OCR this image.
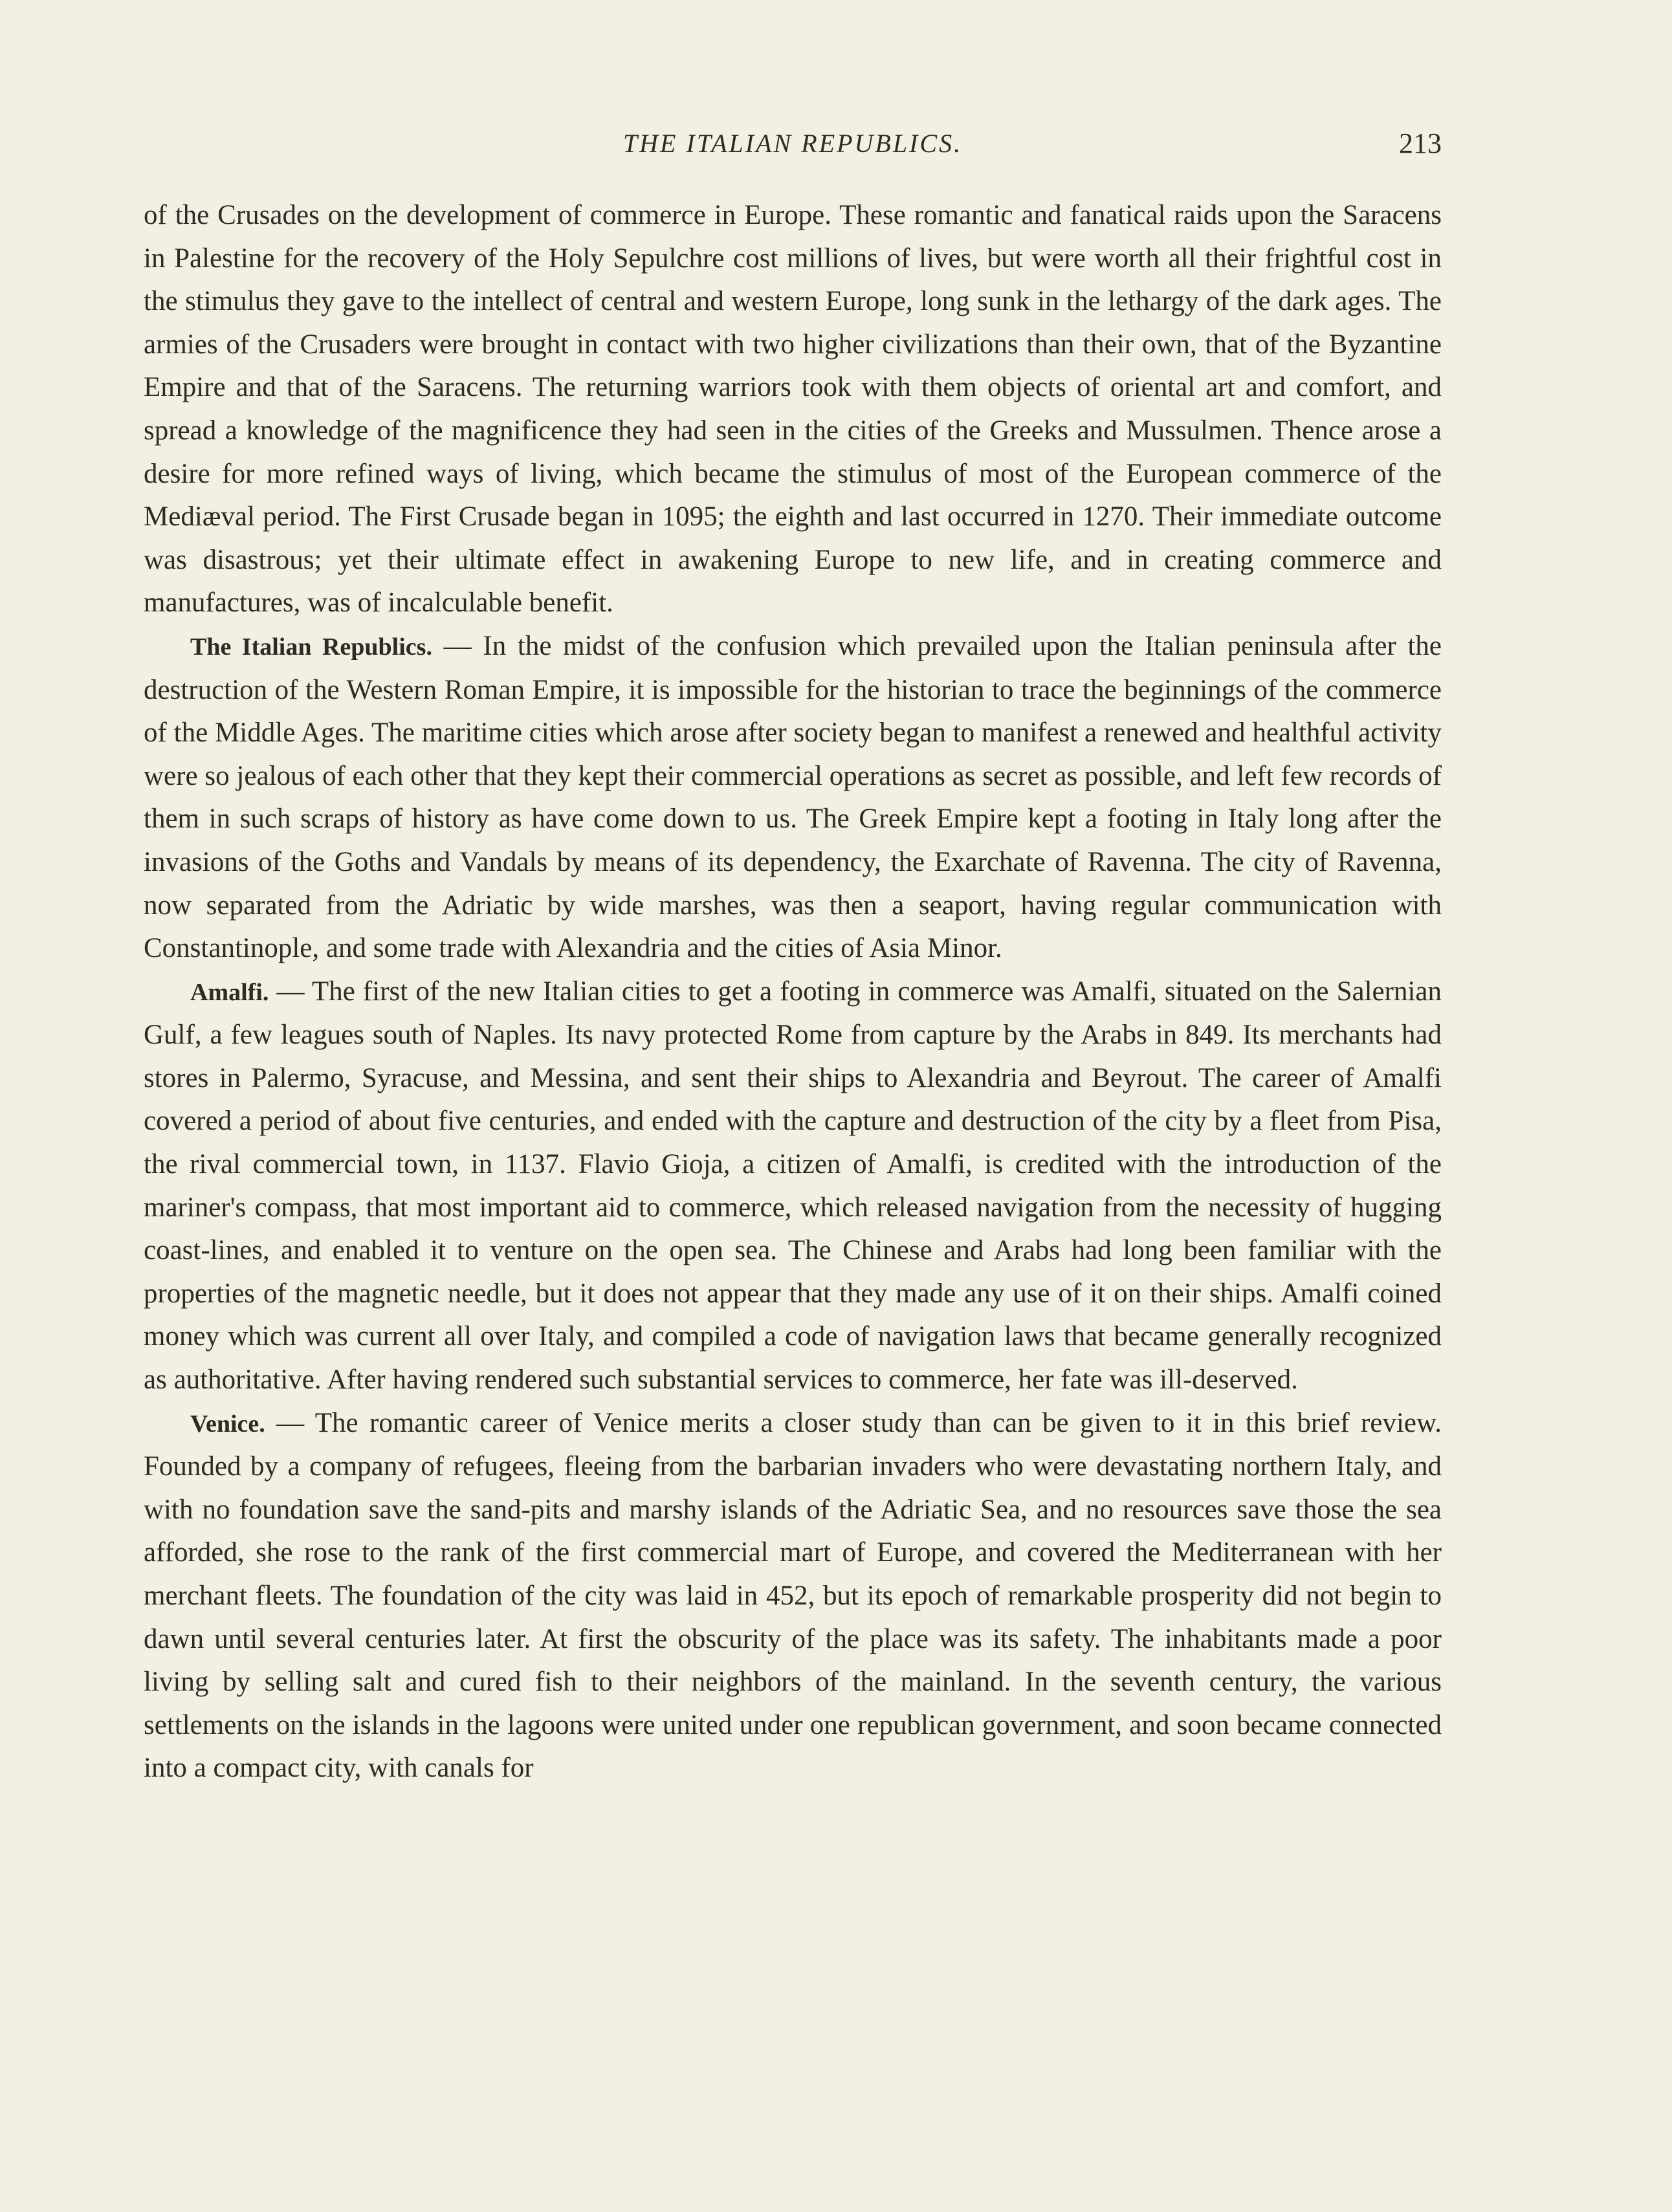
THE ITALIAN REPUBLICS.	213

of the Crusades on the development of commerce in Europe. These romantic and fanatical raids upon the Saracens in Palestine for the recovery of the Holy Sepulchre cost millions of lives, but were worth all their frightful cost in the stimulus they gave to the intellect of central and western Europe, long sunk in the lethargy of the dark ages. The armies of the Crusaders were brought in contact with two higher civilizations than their own, that of the Byzantine Empire and that of the Saracens. The returning warriors took with them objects of oriental art and comfort, and spread a knowledge of the magnificence they had seen in the cities of the Greeks and Mussulmen. Thence arose a desire for more refined ways of living, which became the stimulus of most of the European commerce of the Mediæval period. The First Crusade began in 1095; the eighth and last occurred in 1270. Their immediate outcome was disastrous; yet their ultimate effect in awakening Europe to new life, and in creating commerce and manufactures, was of incalculable benefit.

The Italian Republics. — In the midst of the confusion which prevailed upon the Italian peninsula after the destruction of the Western Roman Empire, it is impossible for the historian to trace the beginnings of the commerce of the Middle Ages. The maritime cities which arose after society began to manifest a renewed and healthful activity were so jealous of each other that they kept their commercial operations as secret as possible, and left few records of them in such scraps of history as have come down to us. The Greek Empire kept a footing in Italy long after the invasions of the Goths and Vandals by means of its dependency, the Exarchate of Ravenna. The city of Ravenna, now separated from the Adriatic by wide marshes, was then a seaport, having regular communication with Constantinople, and some trade with Alexandria and the cities of Asia Minor.

Amalfi. — The first of the new Italian cities to get a footing in commerce was Amalfi, situated on the Salernian Gulf, a few leagues south of Naples. Its navy protected Rome from capture by the Arabs in 849. Its merchants had stores in Palermo, Syracuse, and Messina, and sent their ships to Alexandria and Beyrout. The career of Amalfi covered a period of about five centuries, and ended with the capture and destruction of the city by a fleet from Pisa, the rival commercial town, in 1137. Flavio Gioja, a citizen of Amalfi, is credited with the introduction of the mariner's compass, that most important aid to commerce, which released navigation from the necessity of hugging coast-lines, and enabled it to venture on the open sea. The Chinese and Arabs had long been familiar with the properties of the magnetic needle, but it does not appear that they made any use of it on their ships. Amalfi coined money which was current all over Italy, and compiled a code of navigation laws that became generally recognized as authoritative. After having rendered such substantial services to commerce, her fate was ill-deserved.

Venice. — The romantic career of Venice merits a closer study than can be given to it in this brief review. Founded by a company of refugees, fleeing from the barbarian invaders who were devastating northern Italy, and with no foundation save the sand-pits and marshy islands of the Adriatic Sea, and no resources save those the sea afforded, she rose to the rank of the first commercial mart of Europe, and covered the Mediterranean with her merchant fleets. The foundation of the city was laid in 452, but its epoch of remarkable prosperity did not begin to dawn until several centuries later. At first the obscurity of the place was its safety. The inhabitants made a poor living by selling salt and cured fish to their neighbors of the mainland. In the seventh century, the various settlements on the islands in the lagoons were united under one republican government, and soon became connected into a compact city, with canals for
